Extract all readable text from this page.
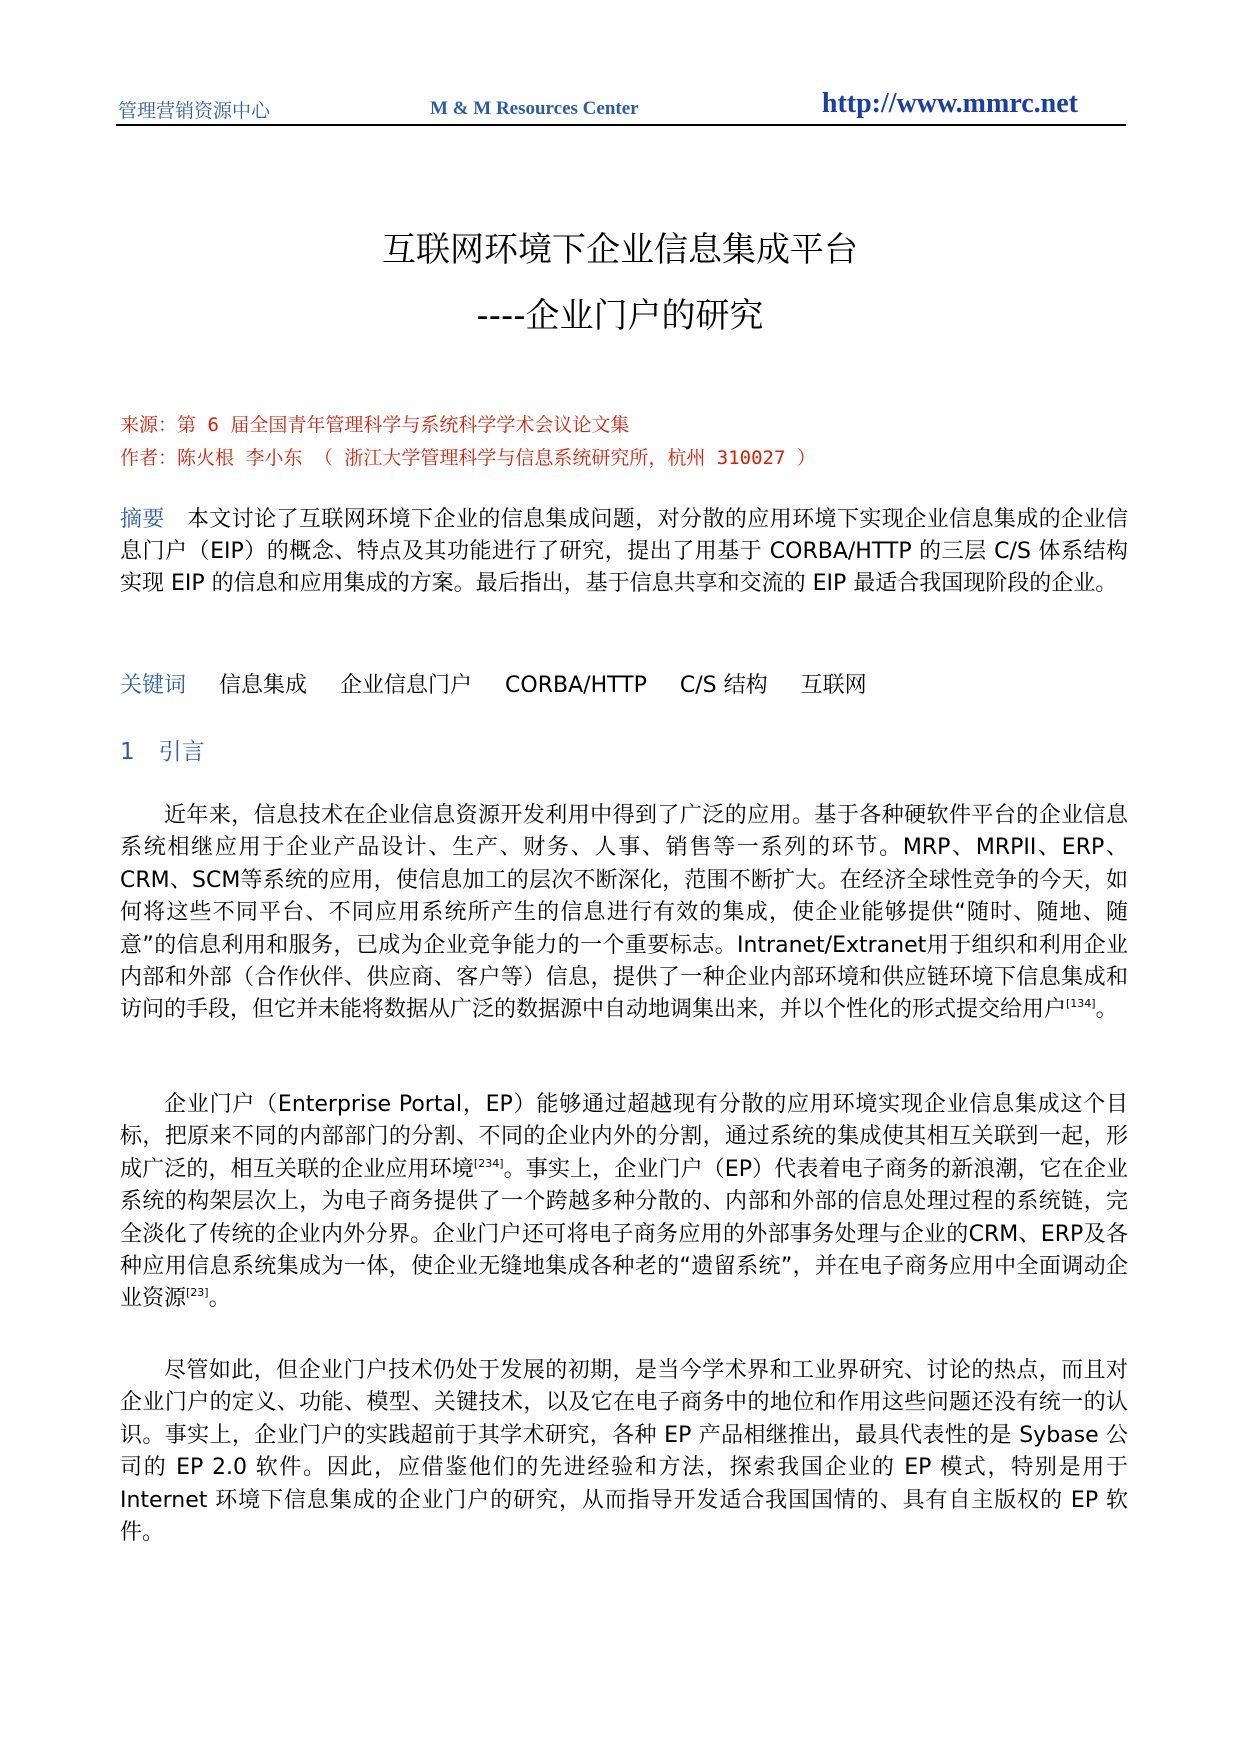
管理营销资源中心	M & M Resources Center	http://www.mmrc.net
互联网环境下企业信息集成平台
----企业门户的研究
来源：第 6 届全国青年管理科学与系统科学学术会议论文集
作者：陈火根 李小东 （ 浙江大学管理科学与信息系统研究所，杭州 310027 ）
摘要 本文讨论了互联网环境下企业的信息集成问题，对分散的应用环境下实现企业信息集成的企业信息门户（EIP）的概念、特点及其功能进行了研究，提出了用基于 CORBA/HTTP 的三层 C/S 体系结构实现 EIP 的信息和应用集成的方案。最后指出，基于信息共享和交流的 EIP 最适合我国现阶段的企业。
关键词 信息集成 企业信息门户 CORBA/HTTP C/S 结构 互联网
1 引言
近年来，信息技术在企业信息资源开发利用中得到了广泛的应用。基于各种硬软件平台的企业信息系统相继应用于企业产品设计、生产、财务、人事、销售等一系列的环节。MRP、MRPII、ERP、CRM、SCM等系统的应用，使信息加工的层次不断深化，范围不断扩大。在经济全球性竞争的今天，如何将这些不同平台、不同应用系统所产生的信息进行有效的集成，使企业能够提供“随时、随地、随意”的信息利用和服务，已成为企业竞争能力的一个重要标志。Intranet/Extranet用于组织和利用企业内部和外部（合作伙伴、供应商、客户等）信息，提供了一种企业内部环境和供应链环境下信息集成和访问的手段，但它并未能将数据从广泛的数据源中自动地调集出来，并以个性化的形式提交给用户[134]。
企业门户（Enterprise Portal，EP）能够通过超越现有分散的应用环境实现企业信息集成这个目标，把原来不同的内部部门的分割、不同的企业内外的分割，通过系统的集成使其相互关联到一起，形成广泛的，相互关联的企业应用环境[234]。事实上，企业门户（EP）代表着电子商务的新浪潮，它在企业系统的构架层次上，为电子商务提供了一个跨越多种分散的、内部和外部的信息处理过程的系统链，完全淡化了传统的企业内外分界。企业门户还可将电子商务应用的外部事务处理与企业的CRM、ERP及各种应用信息系统集成为一体，使企业无缝地集成各种老的“遗留系统”，并在电子商务应用中全面调动企业资源[23]。
尽管如此，但企业门户技术仍处于发展的初期，是当今学术界和工业界研究、讨论的热点，而且对企业门户的定义、功能、模型、关键技术，以及它在电子商务中的地位和作用这些问题还没有统一的认识。事实上，企业门户的实践超前于其学术研究，各种 EP 产品相继推出，最具代表性的是 Sybase 公司的 EP 2.0 软件。因此，应借鉴他们的先进经验和方法，探索我国企业的 EP 模式，特别是用于 Internet 环境下信息集成的企业门户的研究，从而指导开发适合我国国情的、具有自主版权的 EP 软件。
